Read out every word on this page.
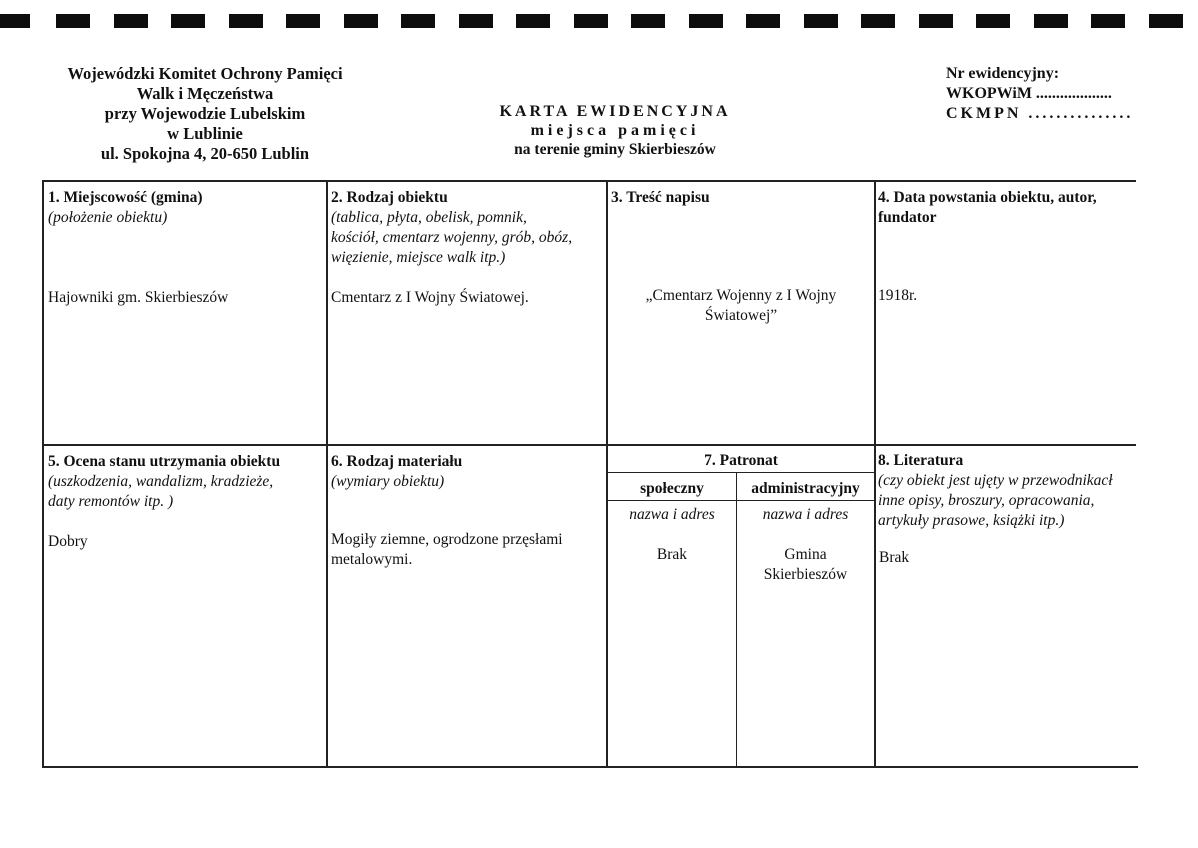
Wojewódzki Komitet Ochrony Pamięci
Walk i Męczeństwa
przy Wojewodzie Lubelskim
w Lublinie
ul. Spokojna 4, 20-650 Lublin
KARTA EWIDENCYJNA
miejsca pamięci
na terenie gminy Skierbieszów
Nr ewidencyjny:
WKOPWiM ...................
CKMPN ...............
1. Miejscowość (gmina)
(położenie obiektu)
Hajowniki gm. Skierbieszów
2. Rodzaj obiektu
(tablica, płyta, obelisk, pomnik,
kościół, cmentarz wojenny, grób, obóz,
więzienie, miejsce walk itp.)
Cmentarz z I Wojny Światowej.
3. Treść napisu
„Cmentarz Wojenny z I Wojny
Światowej”
4. Data powstania obiektu, autor,
fundator
1918r.
5. Ocena stanu utrzymania obiektu
(uszkodzenia, wandalizm, kradzieże,
daty remontów itp. )
Dobry
6. Rodzaj materiału
(wymiary obiektu)
Mogiły ziemne, ogrodzone przęsłami
metalowymi.
7. Patronat
społeczny	administracyjny
nazwa i adres	nazwa i adres
Brak	Gmina
Skierbieszów
8. Literatura
(czy obiekt jest ujęty w przewodnikacł
inne opisy, broszury, opracowania,
artykuły prasowe, książki itp.)
Brak
